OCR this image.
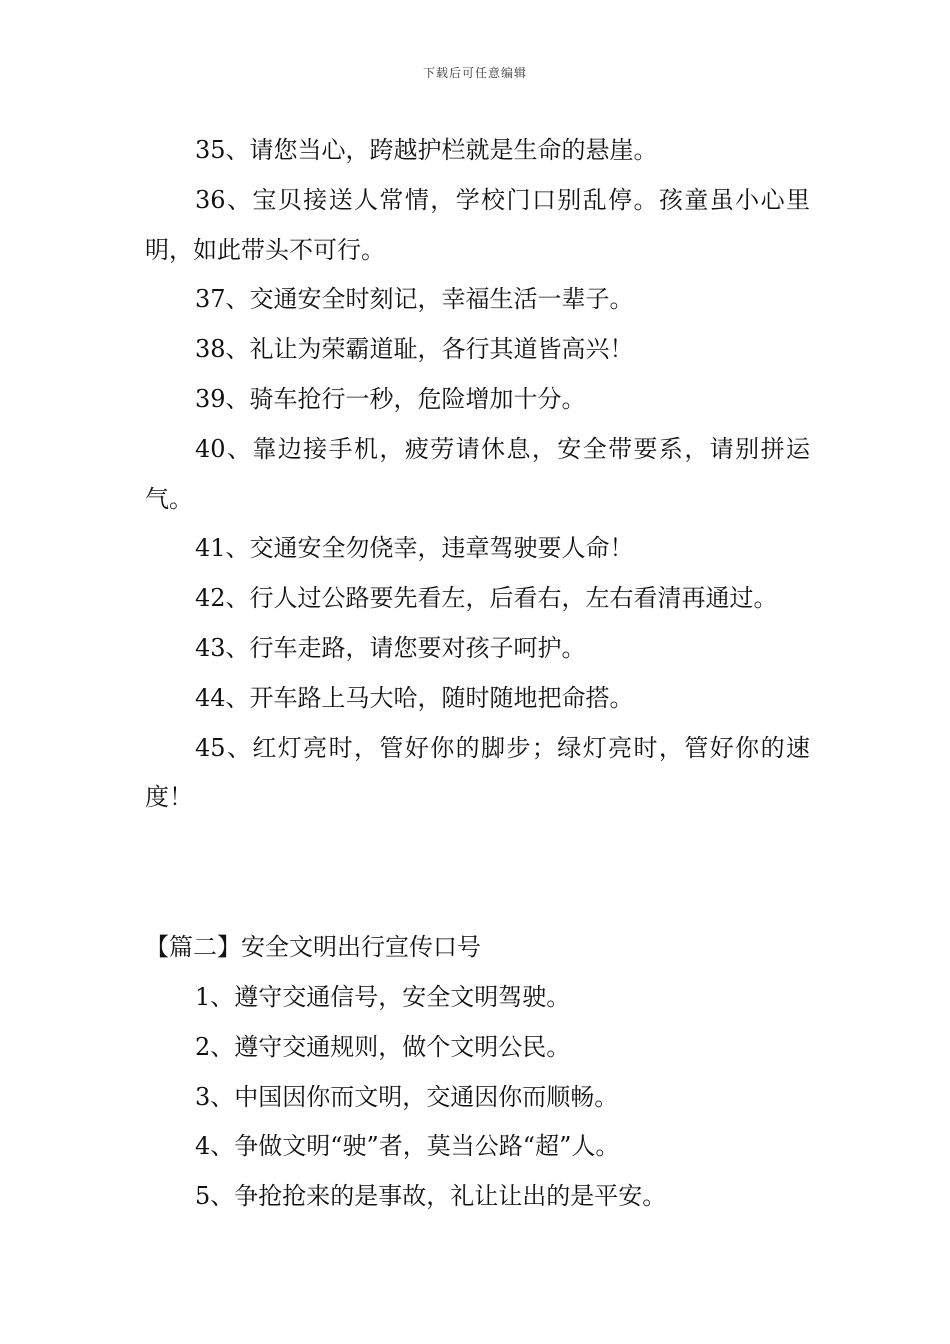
下载后可任意编辑

35、请您当心，跨越护栏就是生命的悬崖。

36、宝贝接送人常情，学校门口别乱停。孩童虽小心里明，如此带头不可行。

37、交通安全时刻记，幸福生活一辈子。

38、礼让为荣霸道耻，各行其道皆高兴！

39、骑车抢行一秒，危险增加十分。

40、靠边接手机，疲劳请休息，安全带要系，请别拼运气。

41、交通安全勿侥幸，违章驾驶要人命！

42、行人过公路要先看左，后看右，左右看清再通过。

43、行车走路，请您要对孩子呵护。

44、开车路上马大哈，随时随地把命搭。

45、红灯亮时，管好你的脚步；绿灯亮时，管好你的速度！

【篇二】安全文明出行宣传口号

1、遵守交通信号，安全文明驾驶。

2、遵守交通规则，做个文明公民。

3、中国因你而文明，交通因你而顺畅。

4、争做文明“驶”者，莫当公路“超”人。

5、争抢抢来的是事故，礼让让出的是平安。
